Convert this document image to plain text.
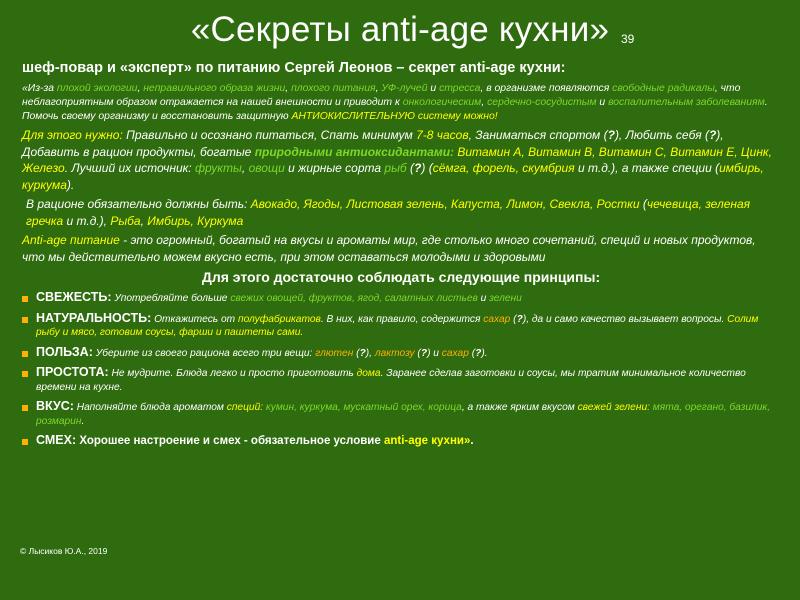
«Секреты anti-age кухни» 39

шеф-повар и «эксперт» по питанию Сергей Леонов – секрет anti-age кухни:

«Из-за плохой экологии, неправильного образа жизни, плохого питания, УФ-лучей и стресса, в организме появляются свободные радикалы, что неблагоприятным образом отражается на нашей внешности и приводит к онкологическим, сердечно-сосудистым и воспалительным заболеваниям. Помочь своему организму и восстановить защитную АНТИОКИСЛИТЕЛЬНУЮ систему можно!

Для этого нужно: Правильно и осознано питаться, Спать минимум 7-8 часов, Заниматься спортом (?), Любить себя (?), Добавить в рацион продукты, богатые природными антиоксидантами: Витамин А, Витамин В, Витамин С, Витамин Е, Цинк, Железо. Лучший их источник: фрукты, овощи и жирные сорта рыб (?) (сёмга, форель, скумбрия и т.д.), а также специи (имбирь, куркума).

В рационе обязательно должны быть: Авокадо, Ягоды, Листовая зелень, Капуста, Лимон, Свекла, Ростки (чечевица, зеленая гречка и т.д.), Рыба, Имбирь, Куркума

Anti-age питание - это огромный, богатый на вкусы и ароматы мир, где столько много сочетаний, специй и новых продуктов, что мы действительно можем вкусно есть, при этом оставаться молодыми и здоровыми

Для этого достаточно соблюдать следующие принципы:

СВЕЖЕСТЬ: Употребляйте больше свежих овощей, фруктов, ягод, салатных листьев и зелени
НАТУРАЛЬНОСТЬ: Откажитесь от полуфабрикатов. В них, как правило, содержится сахар (?), да и само качество вызывает вопросы. Солим рыбу и мясо, готовим соусы, фарши и паштеты сами.
ПОЛЬЗА: Уберите из своего рациона всего три вещи: глютен (?), лактозу (?) и сахар (?).
ПРОСТОТА: Не мудрите. Блюда легко и просто приготовить дома. Заранее сделав заготовки и соусы, мы тратим минимальное количество времени на кухне.
ВКУС: Наполняйте блюда ароматом специй: кумин, куркума, мускатный орех, корица, а также ярким вкусом свежей зелени: мята, орегано, базилик, розмарин.
СМЕХ: Хорошее настроение и смех - обязательное условие anti-age кухни».
© Лысиков Ю.А., 2019
